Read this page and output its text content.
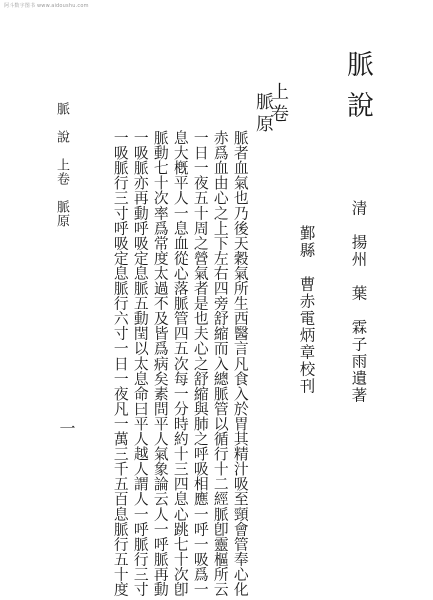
阿斗数字图书 www.aidoushu.com
脈說
清　揚州　葉　霖子雨遺著
鄞縣　曹赤電炳章校刊
上卷
脈原
脈者血氣也乃後天穀氣所生西醫言凡食入於胃其精汁吸至頸會管奉心化
赤爲血由心之上下左右四旁舒縮而入總脈管以循行十二經脈卽靈樞所云
一日一夜五十周之營氣者是也夫心之舒縮與肺之呼吸相應一呼一吸爲一
息大槪平人一息血從心落脈管四五次每一分時約十三四息心跳七十次卽
脈動七十次率爲常度太過不及皆爲病矣素問平人氣象論云人一呼脈再動
一吸脈亦再動呼吸定息脈五動閏以太息命曰平人越人謂人一呼脈行三寸
一吸脈行三寸呼吸定息脈行六寸一日一夜凡一萬三千五百息脈行五十度
脈　說　上卷　脈原
一
